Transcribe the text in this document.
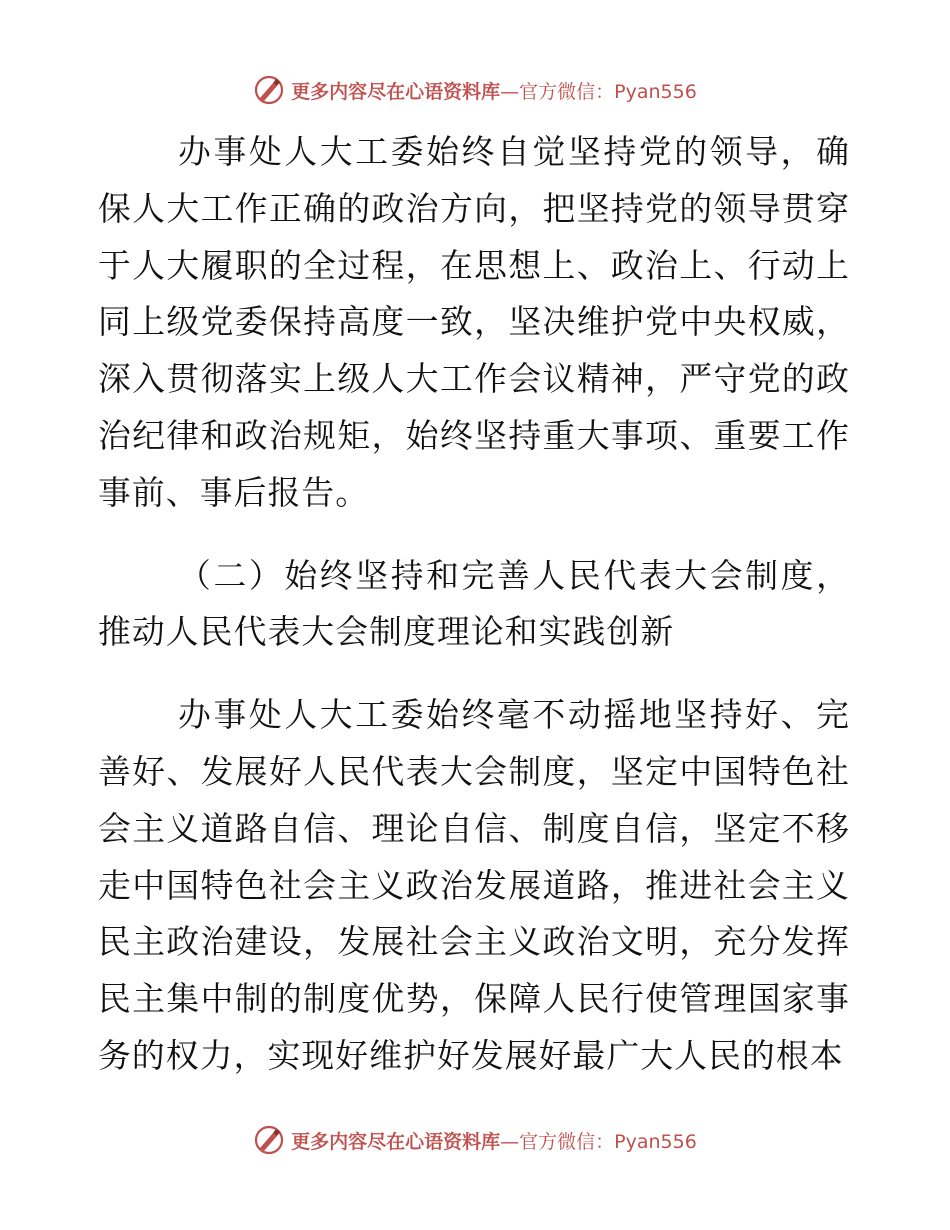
更多内容尽在心语资料库 —官方微信：Pyan556

办事处人大工委始终自觉坚持党的领导，确保人大工作正确的政治方向，把坚持党的领导贯穿于人大履职的全过程，在思想上、政治上、行动上同上级党委保持高度一致，坚决维护党中央权威，深入贯彻落实上级人大工作会议精神，严守党的政治纪律和政治规矩，始终坚持重大事项、重要工作事前、事后报告。

（二）始终坚持和完善人民代表大会制度，推动人民代表大会制度理论和实践创新

办事处人大工委始终毫不动摇地坚持好、完善好、发展好人民代表大会制度，坚定中国特色社会主义道路自信、理论自信、制度自信，坚定不移走中国特色社会主义政治发展道路，推进社会主义民主政治建设，发展社会主义政治文明，充分发挥民主集中制的制度优势，保障人民行使管理国家事务的权力，实现好维护好发展好最广大人民的根本

更多内容尽在心语资料库 —官方微信：Pyan556
